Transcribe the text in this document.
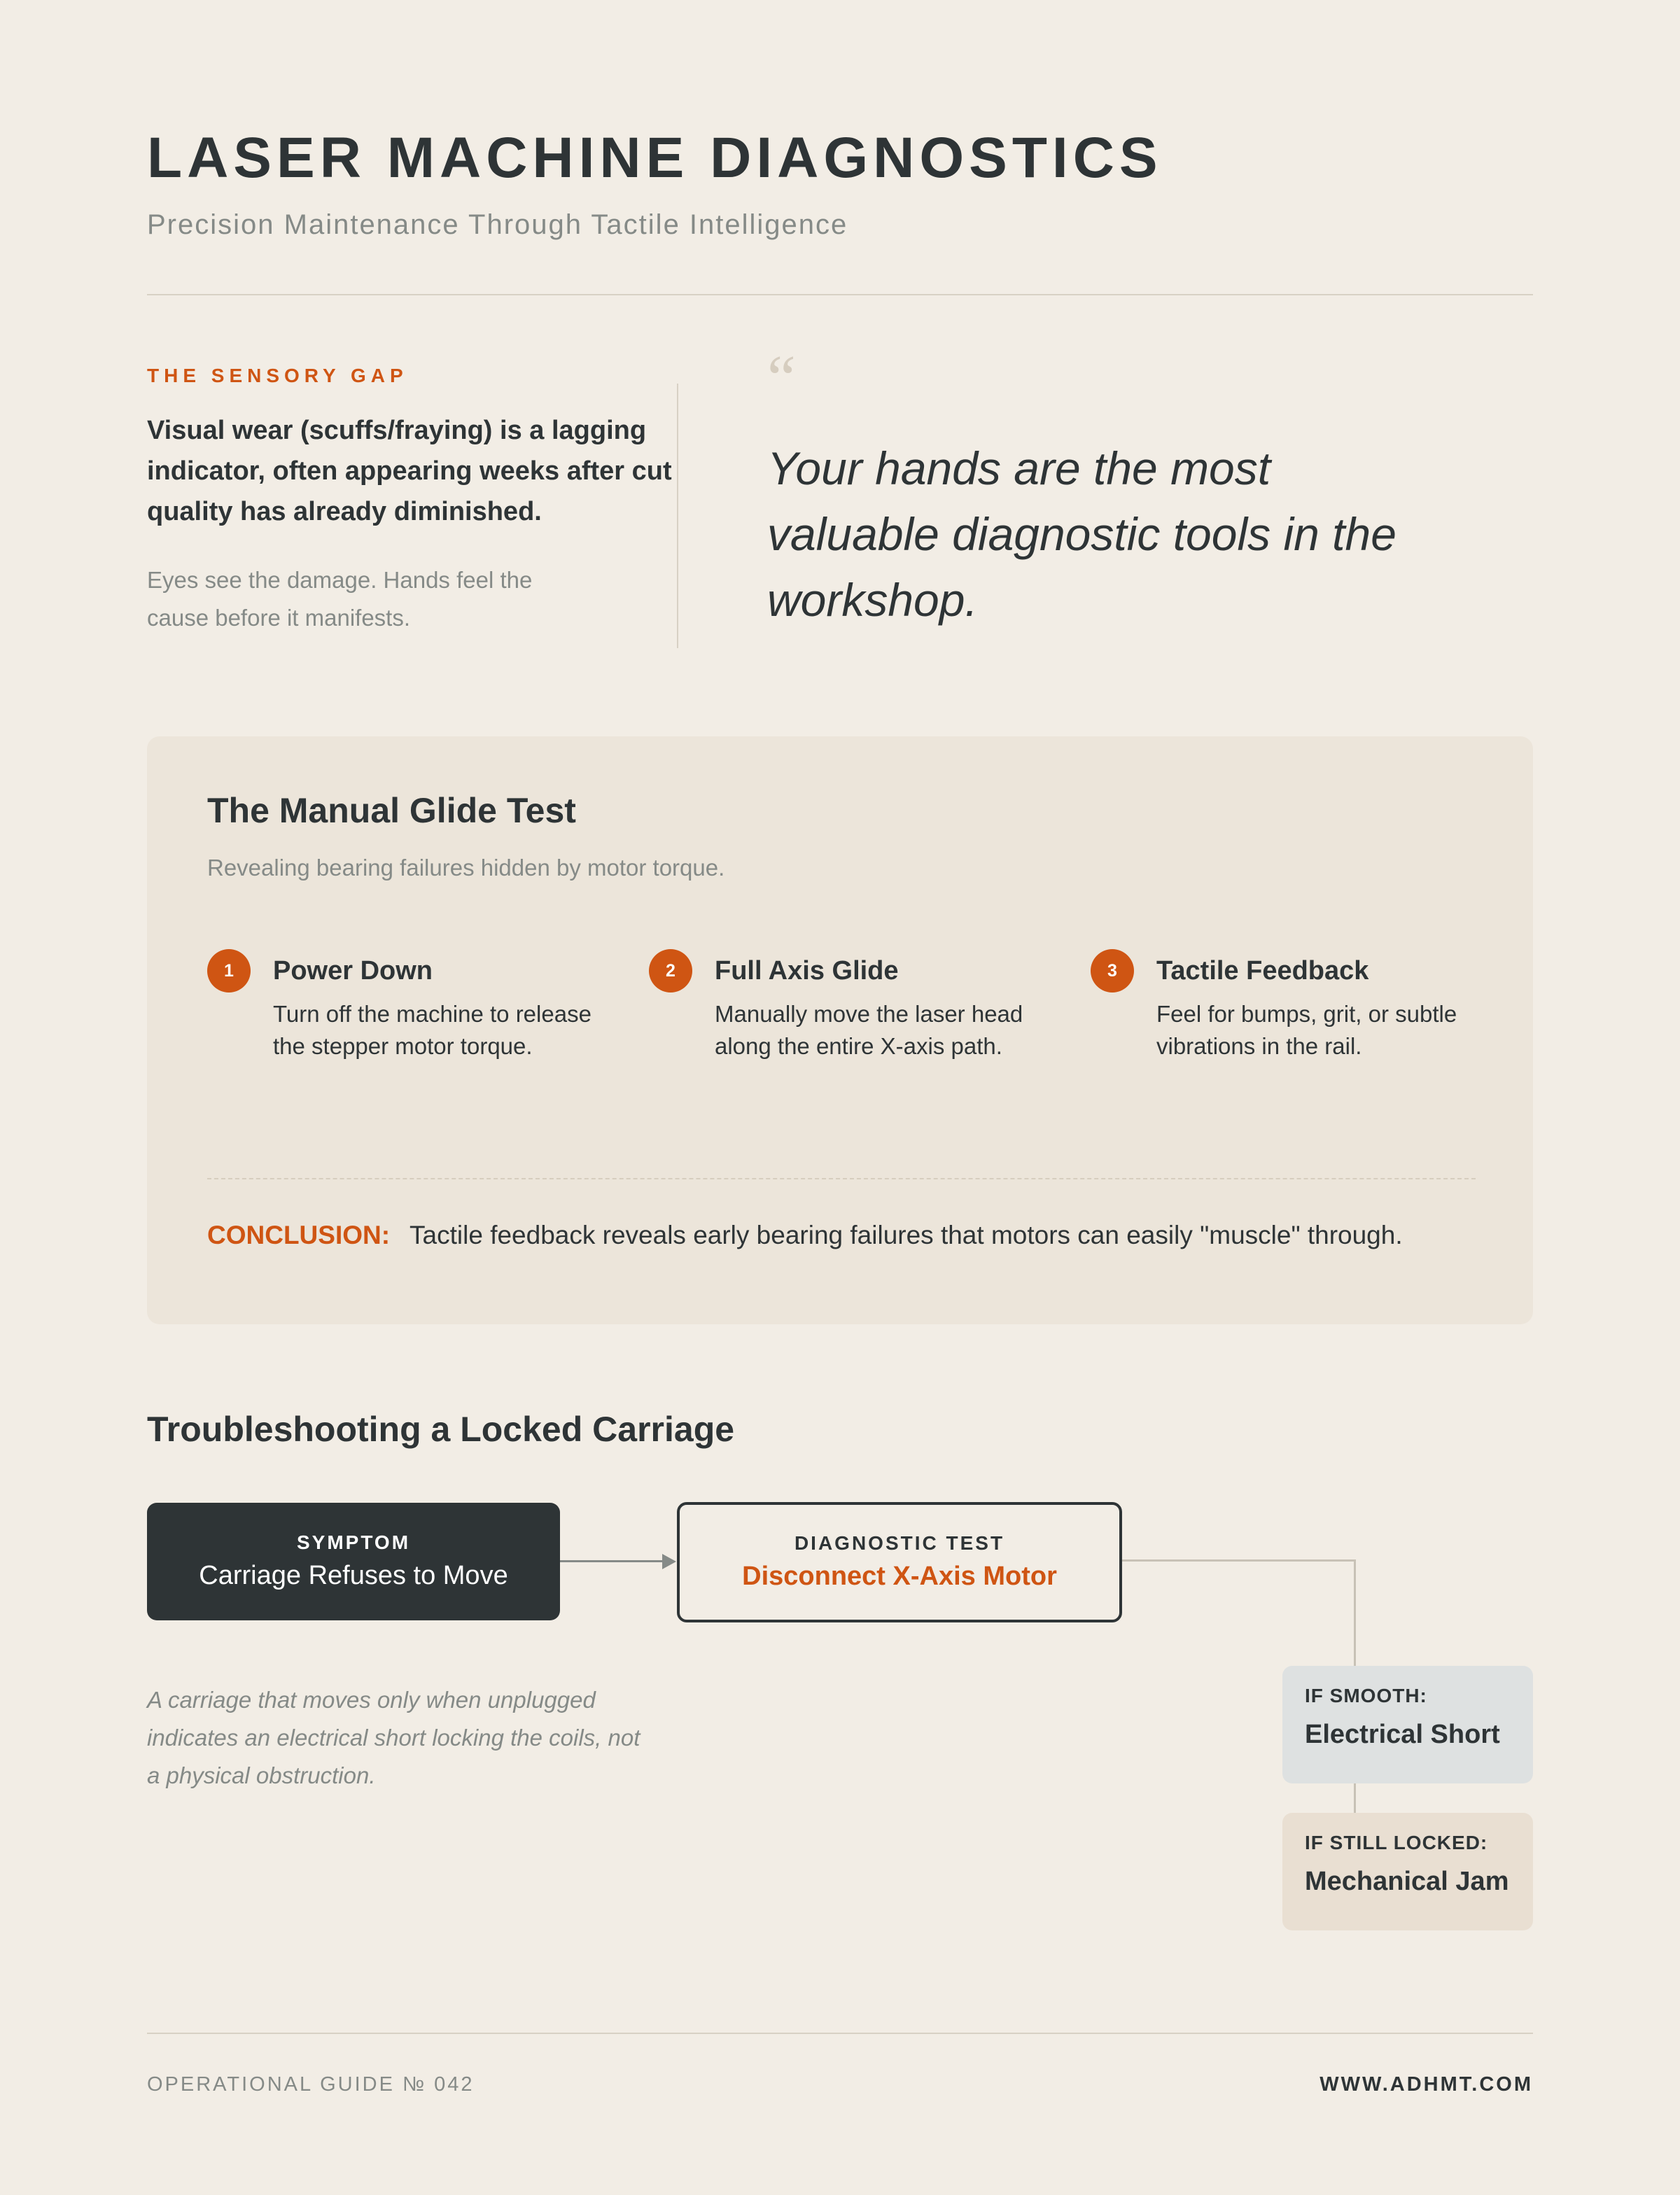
LASER MACHINE DIAGNOSTICS

Precision Maintenance Through Tactile Intelligence

THE SENSORY GAP
Visual wear (scuffs/fraying) is a lagging indicator, often appearing weeks after cut quality has already diminished.
Eyes see the damage. Hands feel the cause before it manifests.
“
Your hands are the most valuable diagnostic tools in the workshop.
The Manual Glide Test
Revealing bearing failures hidden by motor torque.
1	Power Down
Turn off the machine to release the stepper motor torque.
2	Full Axis Glide
Manually move the laser head along the entire X-axis path.
3	Tactile Feedback
Feel for bumps, grit, or subtle vibrations in the rail.
CONCLUSION: Tactile feedback reveals early bearing failures that motors can easily "muscle" through.
Troubleshooting a Locked Carriage
SYMPTOM
Carriage Refuses to Move
DIAGNOSTIC TEST
Disconnect X-Axis Motor
IF SMOOTH:
Electrical Short
IF STILL LOCKED:
Mechanical Jam
A carriage that moves only when unplugged indicates an electrical short locking the coils, not a physical obstruction.
OPERATIONAL GUIDE № 042	WWW.ADHMT.COM
